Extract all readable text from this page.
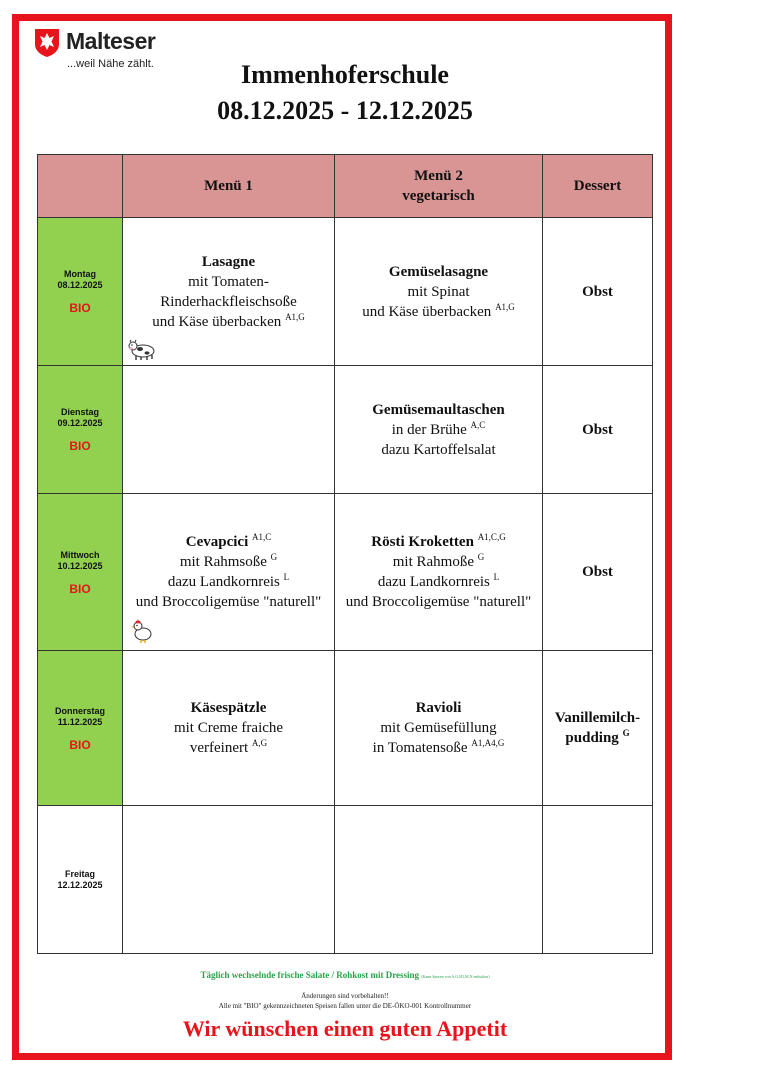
Malteser
...weil Nähe zählt.	Immenhoferschule
08.12.2025 - 12.12.2025
	Menü 1	Menü 2
vegetarisch	Dessert
Montag
08.12.2025
BIO	Lasagne
mit Tomaten-
Rinderhackfleischsoße
und Käse überbacken $^{A1,G}$	Gemüselasagne
mit Spinat
und Käse überbacken $^{A1,G}$	Obst
Dienstag
09.12.2025
BIO		Gemüsemaultaschen
in der Brühe $^{A,C}$
dazu Kartoffelsalat	Obst
Mittwoch
10.12.2025
BIO	Cevapcici $^{A1,C}$
mit Rahmsoße $^G$
dazu Landkornreis $^L$
und Broccoligemüse "naturell"	Rösti Kroketten $^{A1,C,G}$
mit Rahmoße $^G$
dazu Landkornreis $^L$
und Broccoligemüse "naturell"	Obst
Donnerstag
11.12.2025
BIO	Käsespätzle
mit Creme fraiche
verfeinert $^{A,G}$	Ravioli
mit Gemüsefüllung
in Tomatensoße $^{A1,A4,G}$	Vanillemilch-
pudding $^G$
Freitag
12.12.2025			
Täglich wechselnde frische Salate / Rohkost mit Dressing (Kann Spuren von A,G,H1,M,N enthalten)
Änderungen sind vorbehalten!!
Alle mit "BIO" gekennzeichneten Speisen fallen unter die DE-ÖKO-001 Kontrollnummer
Wir wünschen einen guten Appetit
